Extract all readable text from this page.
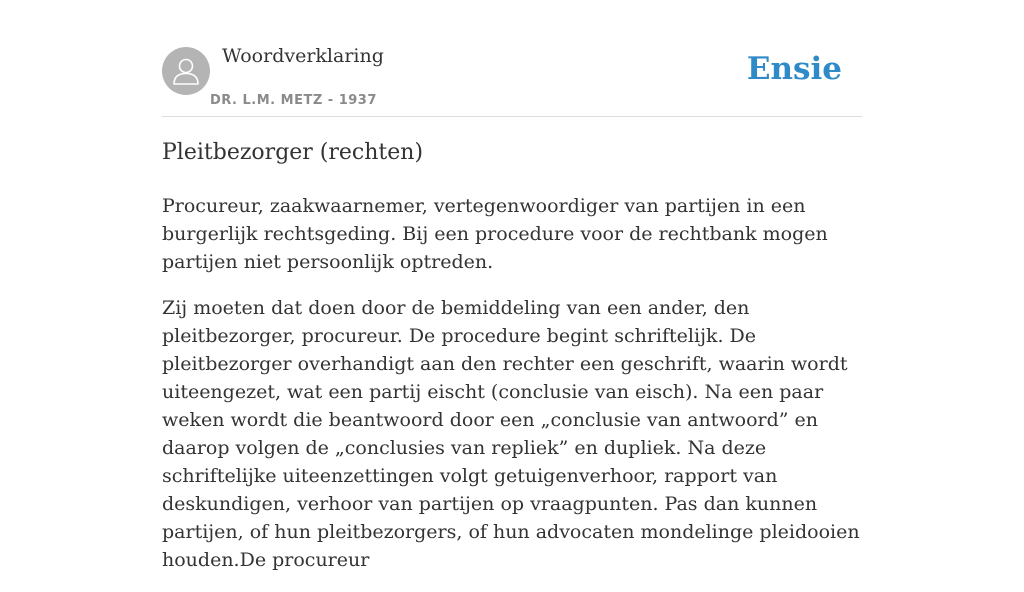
Woordverklaring
DR. L.M. METZ - 1937
Ensie
Pleitbezorger (rechten)

Procureur, zaakwaarnemer, vertegenwoordiger van partijen in een burgerlijk rechtsgeding. Bij een procedure voor de rechtbank mogen partijen niet persoonlijk optreden.

Zij moeten dat doen door de bemiddeling van een ander, den pleitbezorger, procureur. De procedure begint schriftelijk. De pleitbezorger overhandigt aan den rechter een geschrift, waarin wordt uiteengezet, wat een partij eischt (conclusie van eisch). Na een paar weken wordt die beantwoord door een „conclusie van antwoord” en daarop volgen de „conclusies van repliek” en dupliek. Na deze schriftelijke uiteenzettingen volgt getuigenverhoor, rapport van deskundigen, verhoor van partijen op vraagpunten. Pas dan kunnen partijen, of hun pleitbezorgers, of hun advocaten mondelinge pleidooien houden.De procureur
